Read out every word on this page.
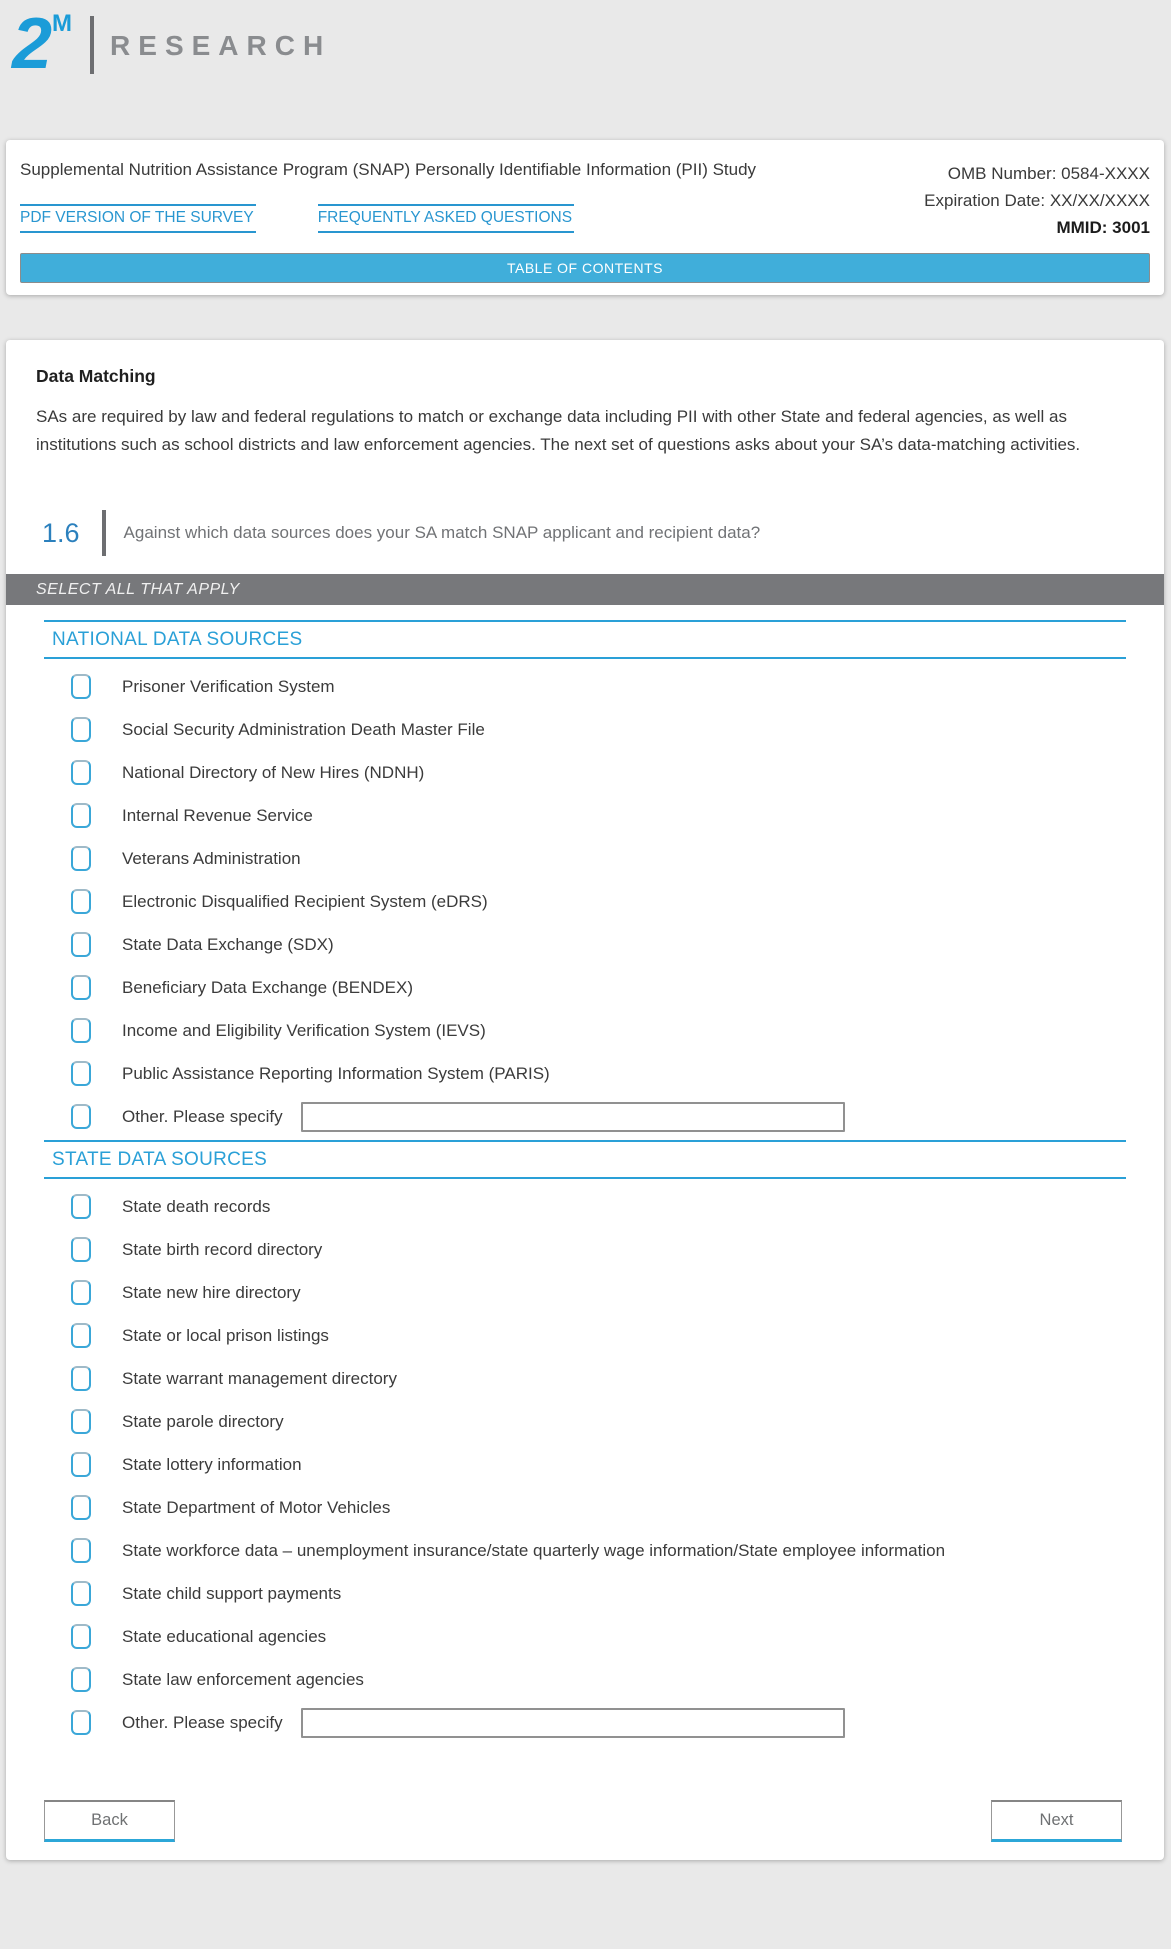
2 M
RESEARCH
Supplemental Nutrition Assistance Program (SNAP) Personally Identifiable Information (PII) Study
PDF VERSION OF THE SURVEY	FREQUENTLY ASKED QUESTIONS
OMB Number: 0584-XXXX
Expiration Date: XX/XX/XXXX
MMID: 3001
TABLE OF CONTENTS
Data Matching
SAs are required by law and federal regulations to match or exchange data including PII with other State and federal agencies, as well as institutions such as school districts and law enforcement agencies. The next set of questions asks about your SA’s data-matching activities.
1.6	Against which data sources does your SA match SNAP applicant and recipient data?
SELECT ALL THAT APPLY
NATIONAL DATA SOURCES
Prisoner Verification System
Social Security Administration Death Master File
National Directory of New Hires (NDNH)
Internal Revenue Service
Veterans Administration
Electronic Disqualified Recipient System (eDRS)
State Data Exchange (SDX)
Beneficiary Data Exchange (BENDEX)
Income and Eligibility Verification System (IEVS)
Public Assistance Reporting Information System (PARIS)
Other. Please specify
STATE DATA SOURCES
State death records
State birth record directory
State new hire directory
State or local prison listings
State warrant management directory
State parole directory
State lottery information
State Department of Motor Vehicles
State workforce data – unemployment insurance/state quarterly wage information/State employee information
State child support payments
State educational agencies
State law enforcement agencies
Other. Please specify
Back	Next
